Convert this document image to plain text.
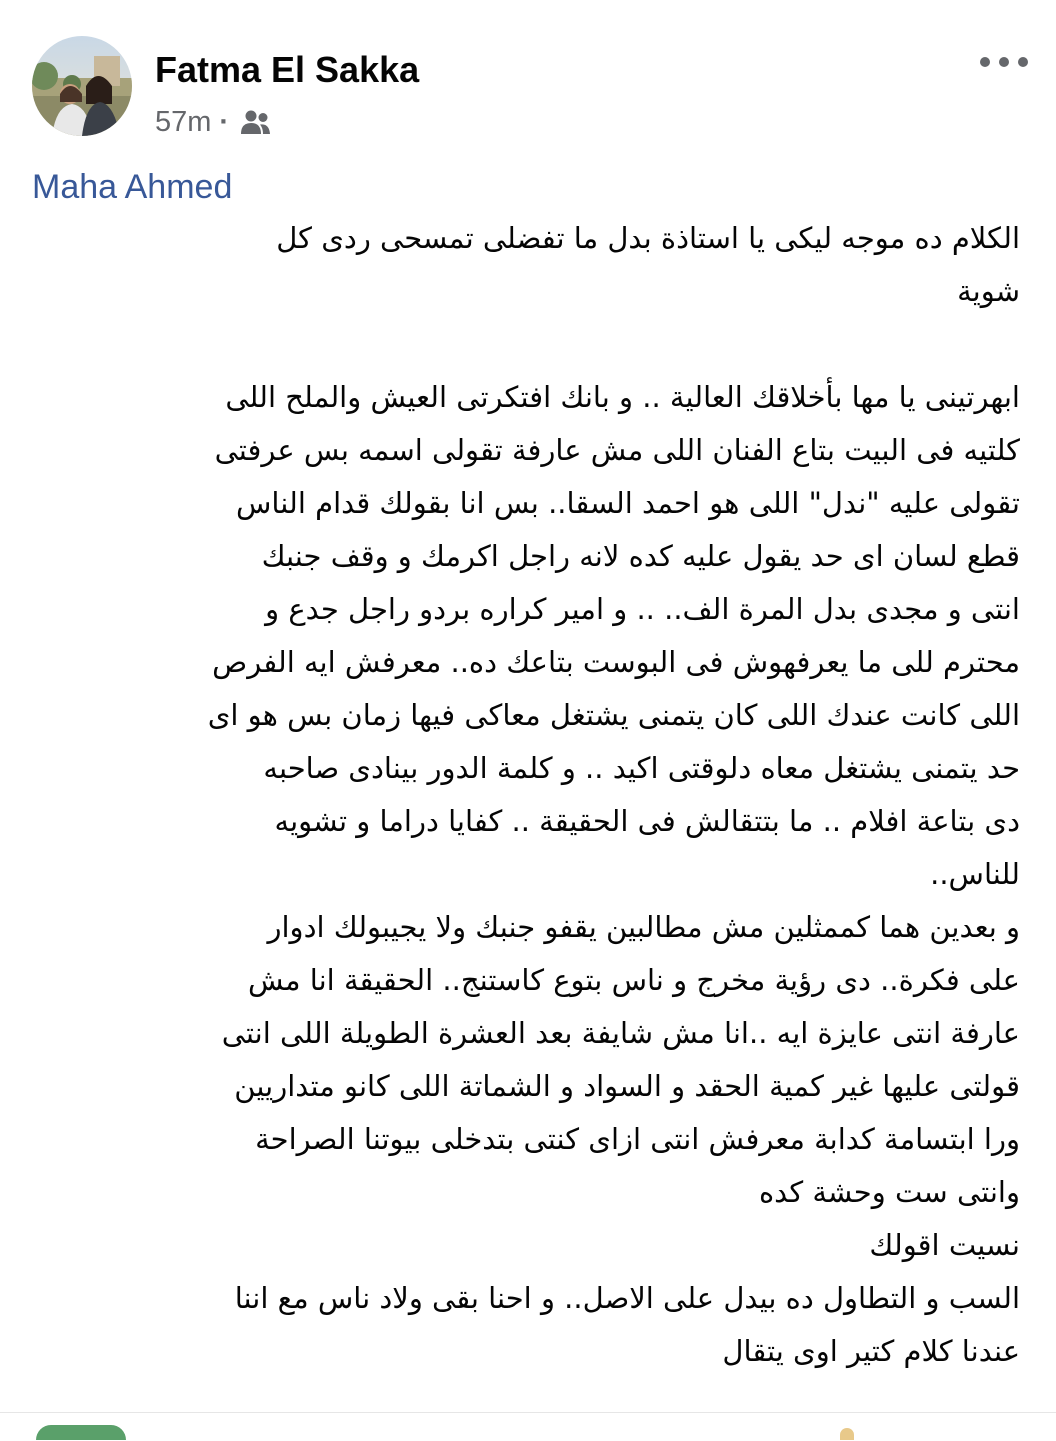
Fatma El Sakka
57m ·
Maha Ahmed
الكلام ده موجه ليكى يا استاذة بدل ما تفضلى تمسحى ردى كل
شوية
ابهرتينى يا مها بأخلاقك العالية .. و بانك افتكرتى العيش والملح اللى
كلتيه فى البيت بتاع الفنان اللى مش عارفة تقولى اسمه بس عرفتى
تقولى عليه "ندل" اللى هو احمد السقا.. بس انا بقولك قدام الناس
قطع لسان اى حد يقول عليه كده لانه راجل اكرمك و وقف جنبك
انتى و مجدى بدل المرة الف.. .. و امير كراره بردو راجل جدع و
محترم للى ما يعرفهوش فى البوست بتاعك ده.. معرفش ايه الفرص
اللى كانت عندك اللى كان يتمنى يشتغل معاكى فيها زمان بس هو اى
حد يتمنى يشتغل معاه دلوقتى اكيد .. و كلمة الدور بينادى صاحبه
دى بتاعة افلام .. ما بتتقالش فى الحقيقة .. كفايا دراما و تشويه
للناس..
و بعدين هما كممثلين مش مطالبين يقفو جنبك ولا يجيبولك ادوار
على فكرة.. دى رؤية مخرج و ناس بتوع كاستنج.. الحقيقة انا مش
عارفة انتى عايزة ايه ..انا مش شايفة بعد العشرة الطويلة اللى انتى
قولتى عليها غير كمية الحقد و السواد و الشماتة اللى كانو متداريين
ورا ابتسامة كدابة معرفش انتى ازاى كنتى بتدخلى بيوتنا الصراحة
وانتى ست وحشة كده
نسيت اقولك
السب و التطاول ده بيدل على الاصل.. و احنا بقى ولاد ناس مع اننا
عندنا كلام كتير اوى يتقال
